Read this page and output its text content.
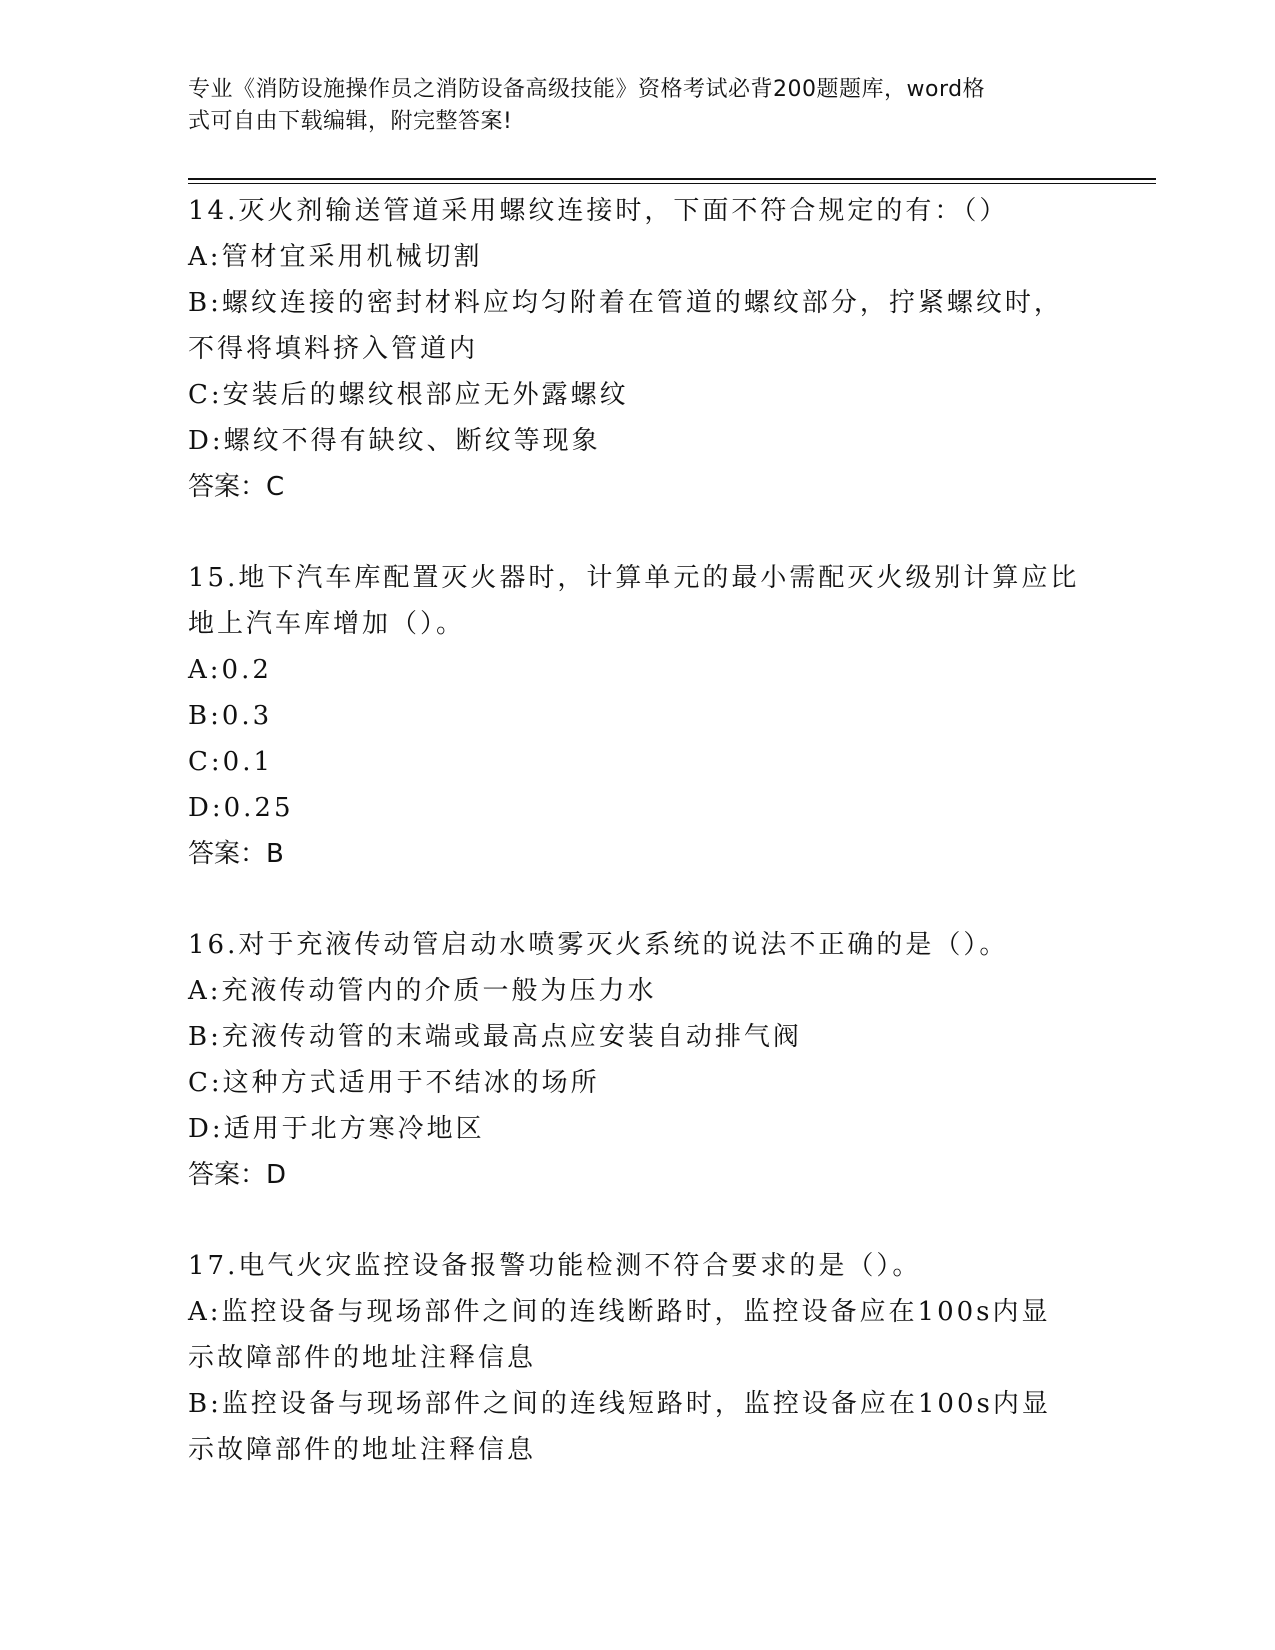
专业《消防设施操作员之消防设备高级技能》资格考试必背200题题库，word格
式可自由下载编辑，附完整答案!

14.灭火剂输送管道采用螺纹连接时，下面不符合规定的有：（）

A:管材宜采用机械切割

B:螺纹连接的密封材料应均匀附着在管道的螺纹部分，拧紧螺纹时，

不得将填料挤入管道内

C:安装后的螺纹根部应无外露螺纹

D:螺纹不得有缺纹、断纹等现象

答案：C

15.地下汽车库配置灭火器时，计算单元的最小需配灭火级别计算应比

地上汽车库增加（）。

A:0.2

B:0.3

C:0.1

D:0.25

答案：B

16.对于充液传动管启动水喷雾灭火系统的说法不正确的是（）。

A:充液传动管内的介质一般为压力水

B:充液传动管的末端或最高点应安装自动排气阀

C:这种方式适用于不结冰的场所

D:适用于北方寒冷地区

答案：D

17.电气火灾监控设备报警功能检测不符合要求的是（）。

A:监控设备与现场部件之间的连线断路时，监控设备应在100s内显

示故障部件的地址注释信息

B:监控设备与现场部件之间的连线短路时，监控设备应在100s内显

示故障部件的地址注释信息
